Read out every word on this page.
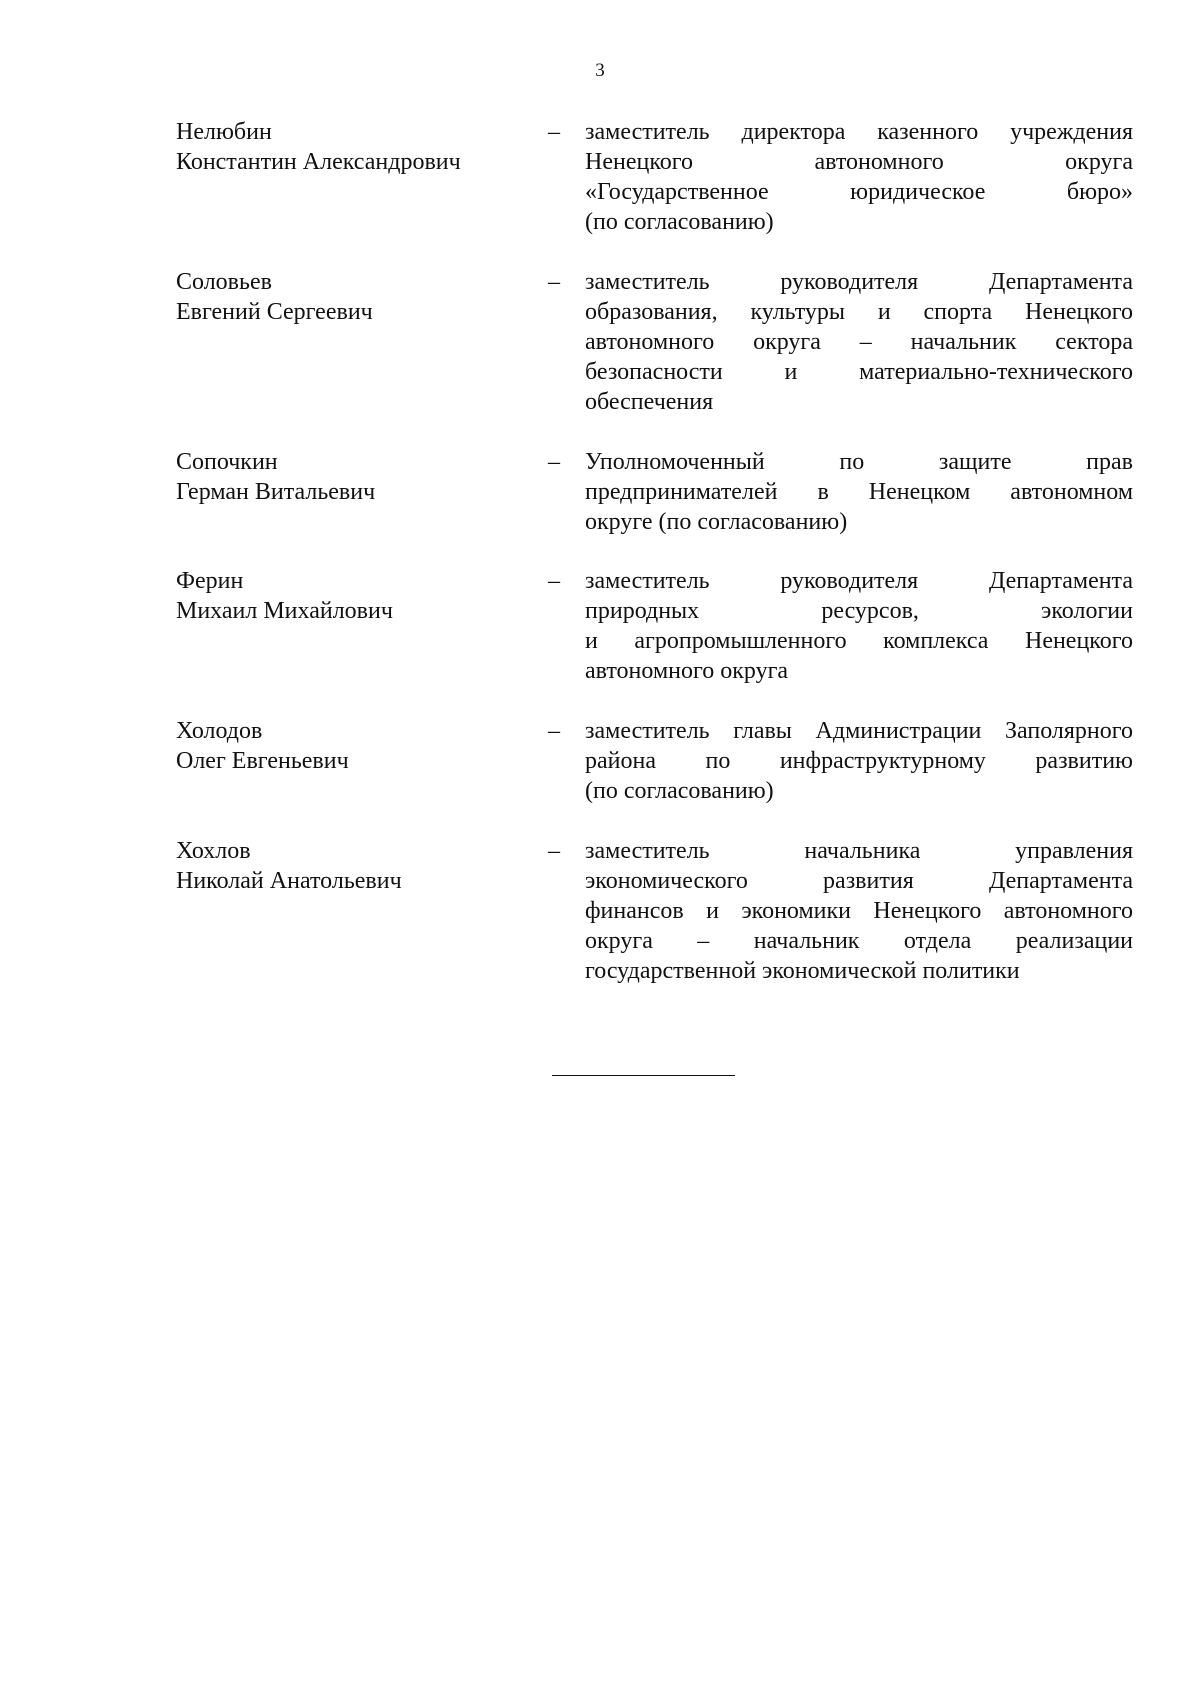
3
Нелюбин
Константин Александрович
–	заместитель директора казенного учреждения
Ненецкого автономного округа
«Государственное юридическое бюро»
(по согласованию)
Соловьев
Евгений Сергеевич
–	заместитель руководителя Департамента
образования, культуры и спорта Ненецкого
автономного округа – начальник сектора
безопасности и материально-технического
обеспечения
Сопочкин
Герман Витальевич
–	Уполномоченный по защите прав
предпринимателей в Ненецком автономном
округе (по согласованию)
Ферин
Михаил Михайлович
–	заместитель руководителя Департамента
природных ресурсов, экологии
и агропромышленного комплекса Ненецкого
автономного округа
Холодов
Олег Евгеньевич
–	заместитель главы Администрации Заполярного
района по инфраструктурному развитию
(по согласованию)
Хохлов
Николай Анатольевич
–	заместитель начальника управления
экономического развития Департамента
финансов и экономики Ненецкого автономного
округа – начальник отдела реализации
государственной экономической политики
